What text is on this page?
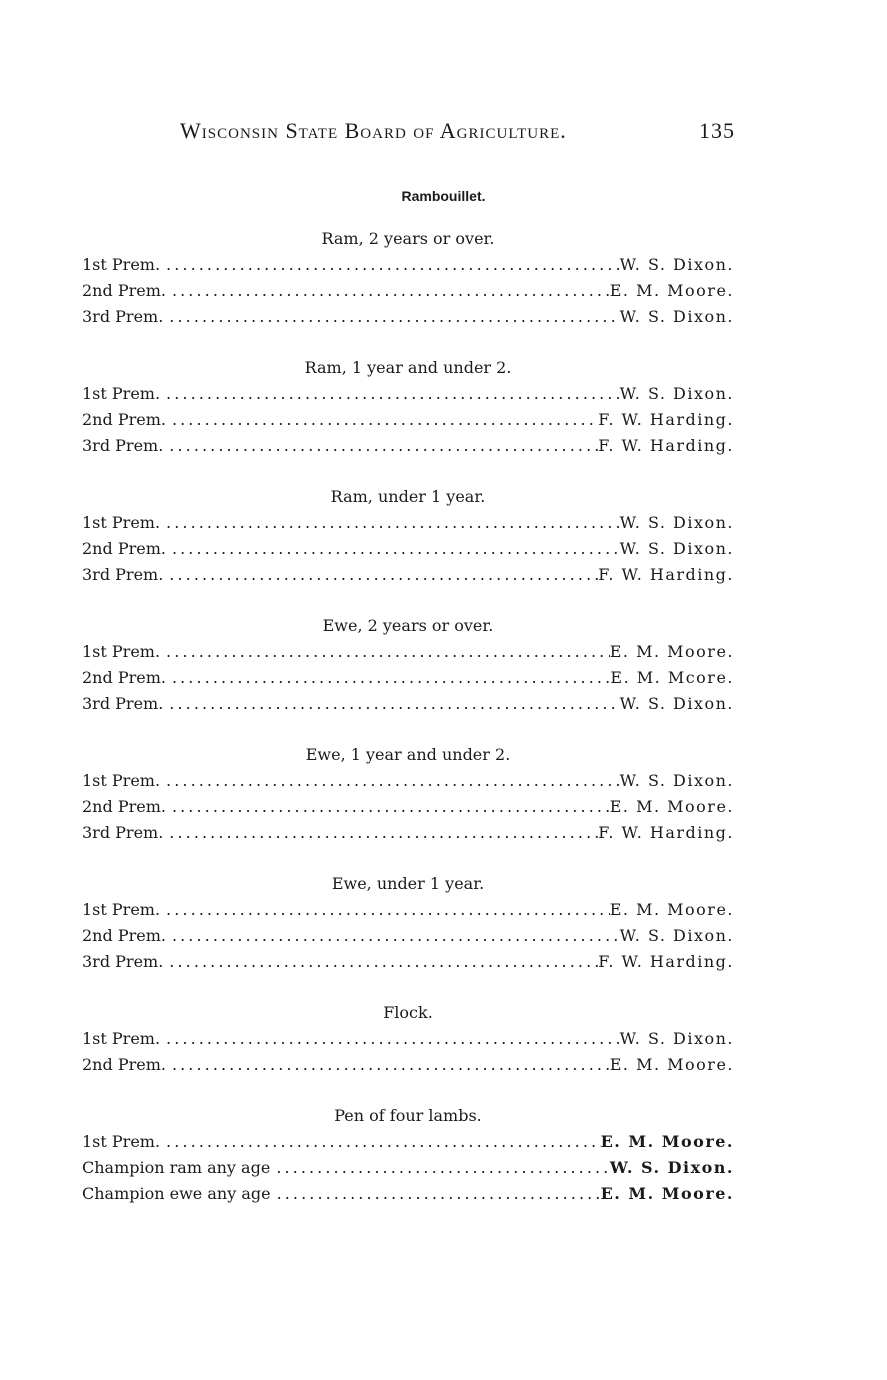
Wisconsin State Board of Agriculture.	135
Rambouillet.
Ram, 2 years or over.
1st Prem. . . .	W. S. Dixon.
2nd Prem. . . .	E. M. Moore.
3rd Prem. . . .	W. S. Dixon.
Ram, 1 year and under 2.
1st Prem. . . .	W. S. Dixon.
2nd Prem. . . .	F. W. Harding.
3rd Prem. . . .	F. W. Harding.
Ram, under 1 year.
1st Prem. . . .	W. S. Dixon.
2nd Prem. . . .	W. S. Dixon.
3rd Prem. . . .	F. W. Harding.
Ewe, 2 years or over.
1st Prem. . . .	E. M. Moore.
2nd Prem. . . .	E. M. Mcore.
3rd Prem. . . .	W. S. Dixon.
Ewe, 1 year and under 2.
1st Prem. . . .	W. S. Dixon.
2nd Prem. . . .	E. M. Moore.
3rd Prem. . . .	F. W. Harding.
Ewe, under 1 year.
1st Prem. . . .	E. M. Moore.
2nd Prem. . . .	W. S. Dixon.
3rd Prem. . . .	F. W. Harding.
Flock.
1st Prem. . . .	W. S. Dixon.
2nd Prem. . . .	E. M. Moore.
Pen of four lambs.
1st Prem. . . .	E. M. Moore.
Champion ram any age . . .	W. S. Dixon.
Champion ewe any age . . .	E. M. Moore.
